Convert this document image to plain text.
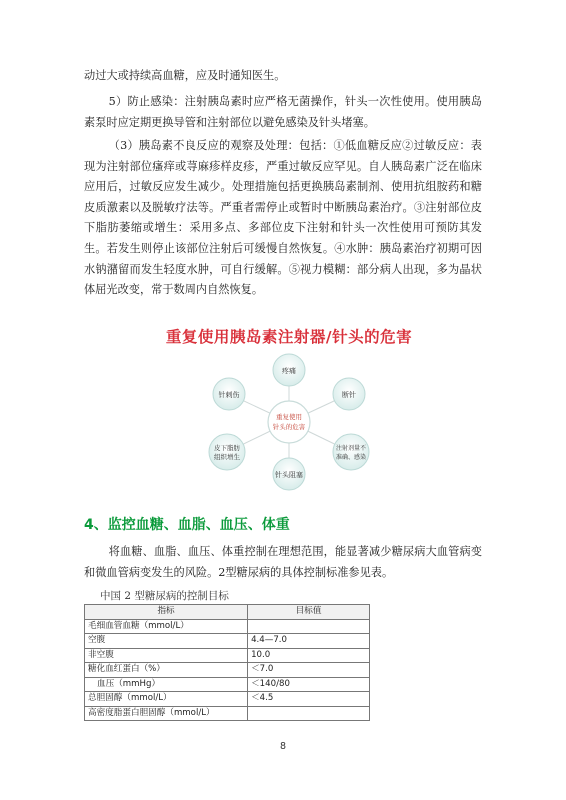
动过大或持续高血糖，应及时通知医生。

5）防止感染：注射胰岛素时应严格无菌操作，针头一次性使用。使用胰岛素泵时应定期更换导管和注射部位以避免感染及针头堵塞。

（3）胰岛素不良反应的观察及处理：包括：①低血糖反应②过敏反应：表现为注射部位瘙痒或荨麻疹样皮疹，严重过敏反应罕见。自人胰岛素广泛在临床应用后，过敏反应发生减少。处理措施包括更换胰岛素制剂、使用抗组胺药和糖皮质激素以及脱敏疗法等。严重者需停止或暂时中断胰岛素治疗。③注射部位皮下脂肪萎缩或增生：采用多点、多部位皮下注射和针头一次性使用可预防其发生。若发生则停止该部位注射后可缓慢自然恢复。④水肿：胰岛素治疗初期可因水钠潴留而发生轻度水肿，可自行缓解。⑤视力模糊：部分病人出现，多为晶状体屈光改变，常于数周内自然恢复。

重复使用胰岛素注射器/针头的危害
疼痛
断针
注射剂量不
准确、感染
针头阻塞
皮下脂肪
组织增生
针刺伤
重复使用
针头的危害
4、监控血糖、血脂、血压、体重

将血糖、血脂、血压、体重控制在理想范围，能显著减少糖尿病大血管病变和微血管病变发生的风险。2型糖尿病的具体控制标准参见表。

中国 2 型糖尿病的控制目标
指标	目标值
毛细血管血糖（mmol/L）	
空腹	4.4—7.0
非空腹	10.0
糖化血红蛋白（%）	＜7.0
血压（mmHg）	＜140/80
总胆固醇（mmol/L）	＜4.5
高密度脂蛋白胆固醇（mmol/L）	
8
